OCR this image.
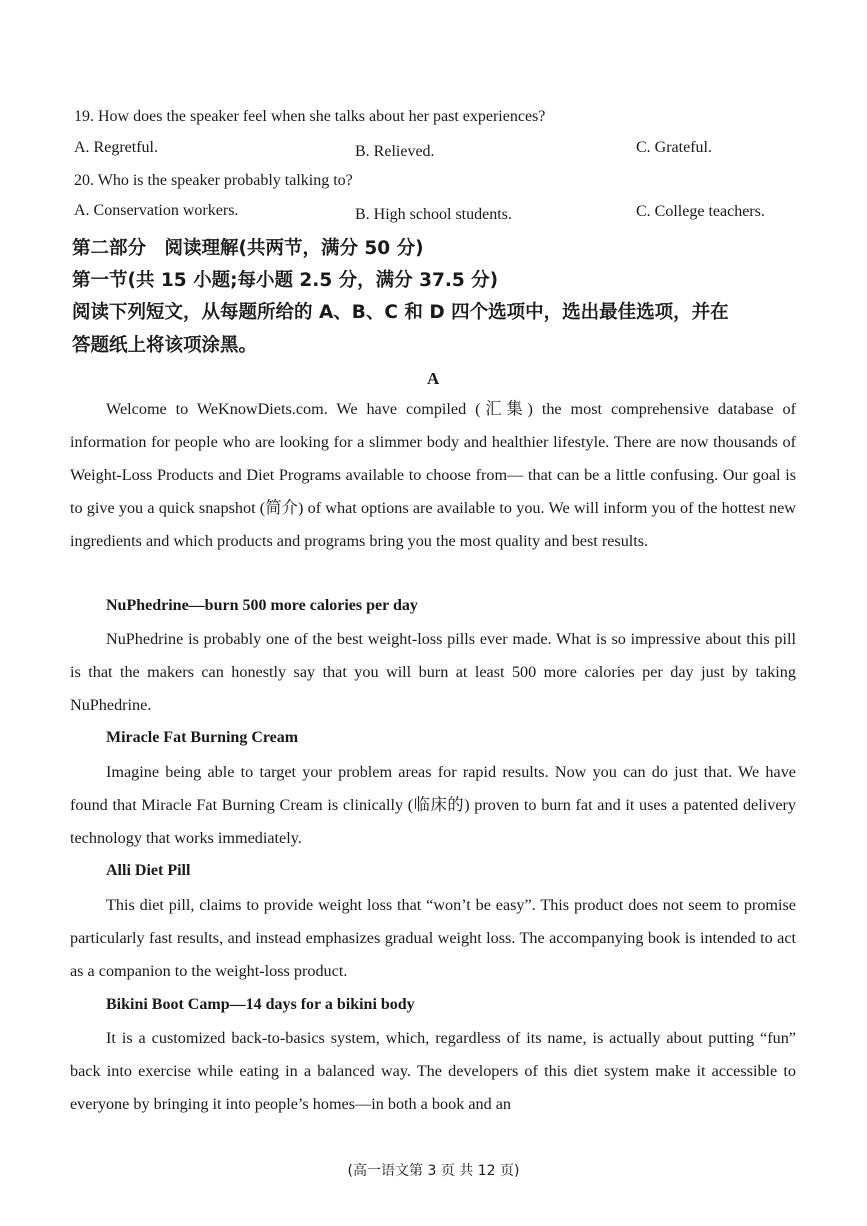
19. How does the speaker feel when she talks about her past experiences?
A. Regretful.	B. Relieved.	C. Grateful.
20. Who is the speaker probably talking to?
A. Conservation workers.	B. High school students.	C. College teachers.
第二部分　阅读理解(共两节，满分 50 分)
第一节(共 15 小题;每小题 2.5 分，满分 37.5 分)
阅读下列短文，从每题所给的 A、B、C 和 D 四个选项中，选出最佳选项，并在
答题纸上将该项涂黑。
A
Welcome to WeKnowDiets.com. We have compiled (汇集) the most comprehensive database of information for people who are looking for a slimmer body and healthier lifestyle. There are now thousands of Weight-Loss Products and Diet Programs available to choose from— that can be a little confusing. Our goal is to give you a quick snapshot (简介) of what options are available to you. We will inform you of the hottest new ingredients and which products and programs bring you the most quality and best results.
NuPhedrine—burn 500 more calories per day
NuPhedrine is probably one of the best weight-loss pills ever made. What is so impressive about this pill is that the makers can honestly say that you will burn at least 500 more calories per day just by taking NuPhedrine.
Miracle Fat Burning Cream
Imagine being able to target your problem areas for rapid results. Now you can do just that. We have found that Miracle Fat Burning Cream is clinically (临床的) proven to burn fat and it uses a patented delivery technology that works immediately.
Alli Diet Pill
This diet pill, claims to provide weight loss that “won’t be easy”. This product does not seem to promise particularly fast results, and instead emphasizes gradual weight loss. The accompanying book is intended to act as a companion to the weight-loss product.
Bikini Boot Camp—14 days for a bikini body
It is a customized back-to-basics system, which, regardless of its name, is actually about putting “fun” back into exercise while eating in a balanced way. The developers of this diet system make it accessible to everyone by bringing it into people’s homes—in both a book and an
(高一语文第 3 页 共 12 页)
